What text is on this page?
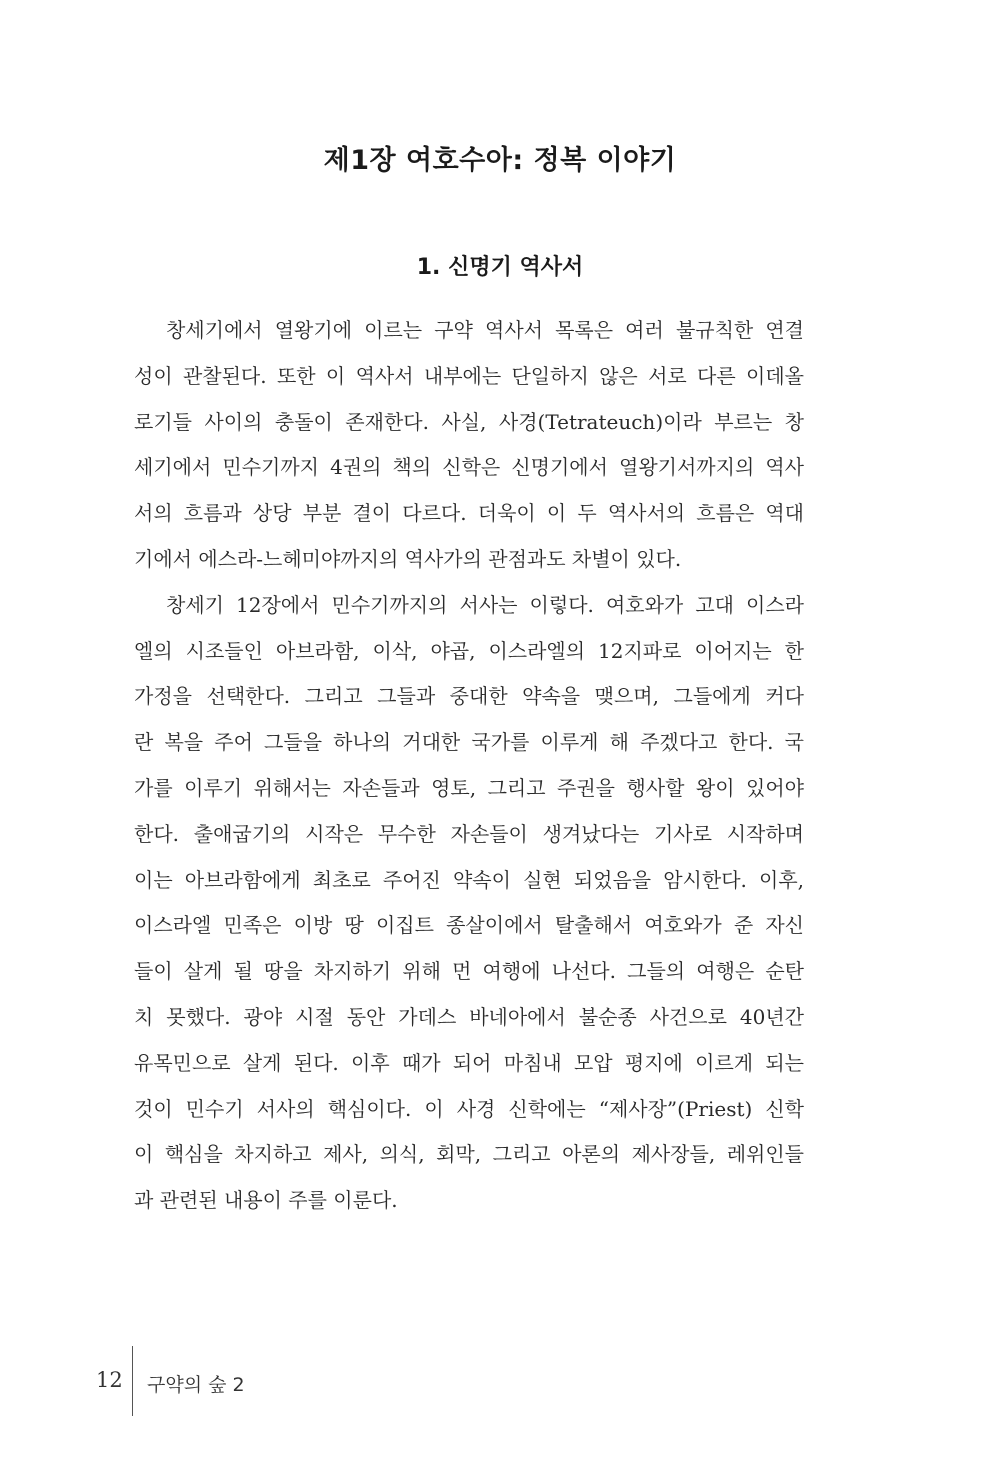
제1장 여호수아: 정복 이야기
1. 신명기 역사서
창세기에서 열왕기에 이르는 구약 역사서 목록은 여러 불규칙한 연결
성이 관찰된다. 또한 이 역사서 내부에는 단일하지 않은 서로 다른 이데올
로기들 사이의 충돌이 존재한다. 사실, 사경(Tetrateuch)이라 부르는 창
세기에서 민수기까지 4권의 책의 신학은 신명기에서 열왕기서까지의 역사
서의 흐름과 상당 부분 결이 다르다. 더욱이 이 두 역사서의 흐름은 역대
기에서 에스라-느헤미야까지의 역사가의 관점과도 차별이 있다.
창세기 12장에서 민수기까지의 서사는 이렇다. 여호와가 고대 이스라
엘의 시조들인 아브라함, 이삭, 야곱, 이스라엘의 12지파로 이어지는 한
가정을 선택한다. 그리고 그들과 중대한 약속을 맺으며, 그들에게 커다
란 복을 주어 그들을 하나의 거대한 국가를 이루게 해 주겠다고 한다. 국
가를 이루기 위해서는 자손들과 영토, 그리고 주권을 행사할 왕이 있어야
한다. 출애굽기의 시작은 무수한 자손들이 생겨났다는 기사로 시작하며
이는 아브라함에게 최초로 주어진 약속이 실현 되었음을 암시한다. 이후,
이스라엘 민족은 이방 땅 이집트 종살이에서 탈출해서 여호와가 준 자신
들이 살게 될 땅을 차지하기 위해 먼 여행에 나선다. 그들의 여행은 순탄
치 못했다. 광야 시절 동안 가데스 바네아에서 불순종 사건으로 40년간
유목민으로 살게 된다. 이후 때가 되어 마침내 모압 평지에 이르게 되는
것이 민수기 서사의 핵심이다. 이 사경 신학에는 “제사장”(Priest) 신학
이 핵심을 차지하고 제사, 의식, 회막, 그리고 아론의 제사장들, 레위인들
과 관련된 내용이 주를 이룬다.
12 구약의 숲 2
